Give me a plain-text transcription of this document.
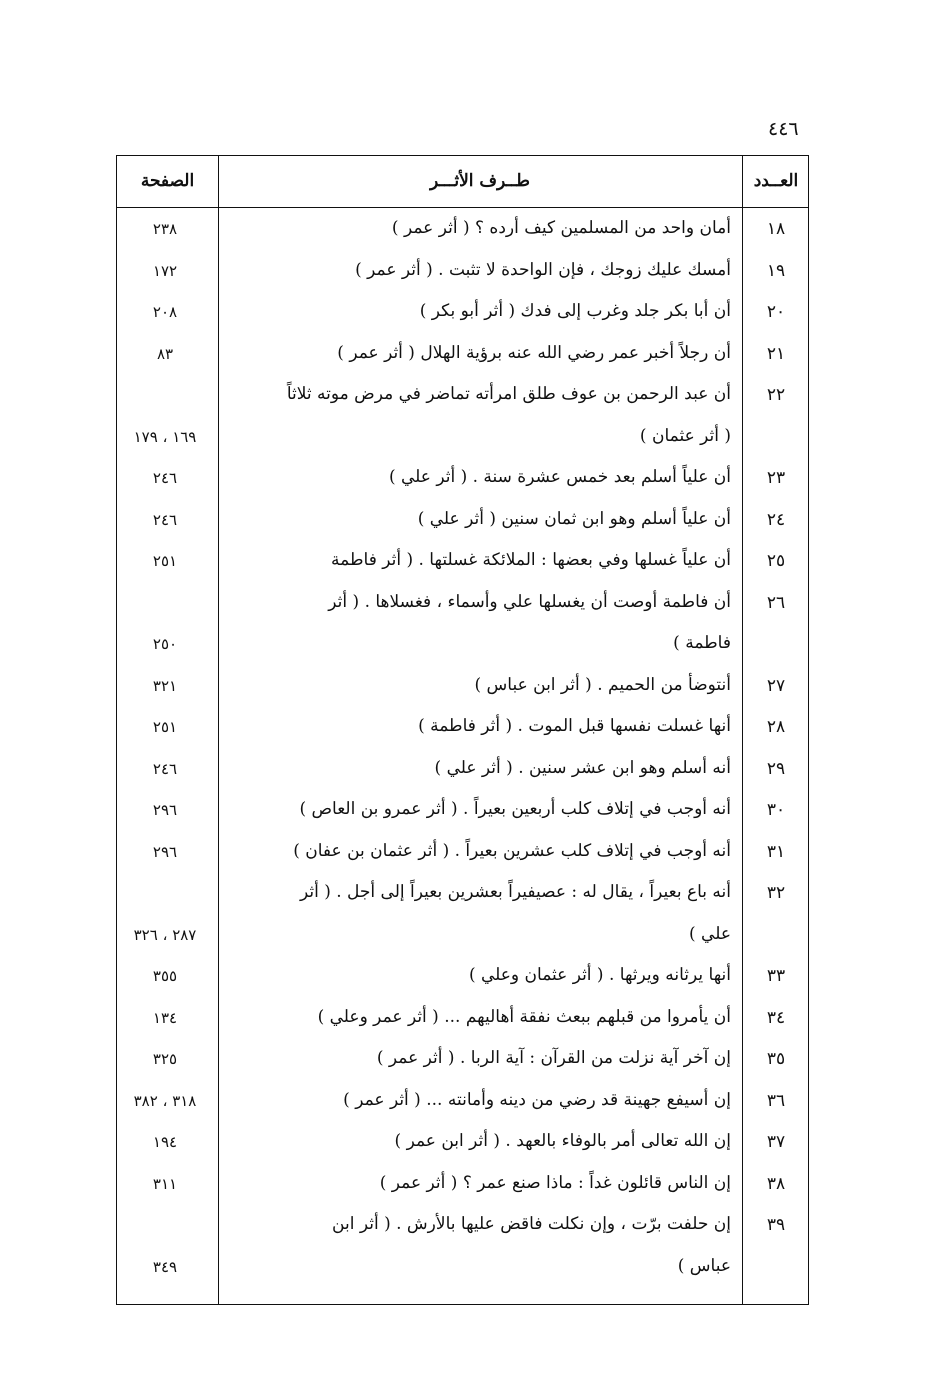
٤٤٦
الصفحة	طــرف الأثـــر	العــدد
١٨
أمان واحد من المسلمين كيف أرده ؟ ( أثر عمر )
٢٣٨
١٩
أمسك عليك زوجك ، فإن الواحدة لا تثبت . ( أثر عمر )
١٧٢
٢٠
أن أبا بكر جلد وغرب إلى فدك ( أثر أبو بكر )
٢٠٨
٢١
أن رجلاً أخبر عمر رضي الله عنه برؤية الهلال ( أثر عمر )
٨٣
٢٢
أن عبد الرحمن بن عوف طلق امرأته تماضر في مرض موته ثلاثاً
( أثر عثمان )
١٦٩ ، ١٧٩
٢٣
أن علياً أسلم بعد خمس عشرة سنة . ( أثر علي )
٢٤٦
٢٤
أن علياً أسلم وهو ابن ثمان سنين ( أثر علي )
٢٤٦
٢٥
أن علياً غسلها وفي بعضها : الملائكة غسلتها . ( أثر فاطمة
٢٥١
٢٦
أن فاطمة أوصت أن يغسلها علي وأسماء ، فغسلاها . ( أثر
فاطمة )
٢٥٠
٢٧
أنتوضأ من الحميم . ( أثر ابن عباس )
٣٢١
٢٨
أنها غسلت نفسها قبل الموت . ( أثر فاطمة )
٢٥١
٢٩
أنه أسلم وهو ابن عشر سنين . ( أثر علي )
٢٤٦
٣٠
أنه أوجب في إتلاف كلب أربعين بعيراً . ( أثر عمرو بن العاص )
٢٩٦
٣١
أنه أوجب في إتلاف كلب عشرين بعيراً . ( أثر عثمان بن عفان )
٢٩٦
٣٢
أنه باع بعيراً ، يقال له : عصيفيراً بعشرين بعيراً إلى أجل . ( أثر
علي )
٢٨٧ ، ٣٢٦
٣٣
أنها يرثانه ويرثها . ( أثر عثمان وعلي )
٣٥٥
٣٤
أن يأمروا من قبلهم ببعث نفقة أهاليهم ... ( أثر عمر وعلي )
١٣٤
٣٥
إن آخر آية نزلت من القرآن : آية الربا . ( أثر عمر )
٣٢٥
٣٦
إن أسيفع جهينة قد رضي من دينه وأمانته ... ( أثر عمر )
٣١٨ ، ٣٨٢
٣٧
إن الله تعالى أمر بالوفاء بالعهد . ( أثر ابن عمر )
١٩٤
٣٨
إن الناس قائلون غداً : ماذا صنع عمر ؟ ( أثر عمر )
٣١١
٣٩
إن حلفت برّت ، وإن نكلت فاقض عليها بالأرش . ( أثر ابن
عباس )
٣٤٩
